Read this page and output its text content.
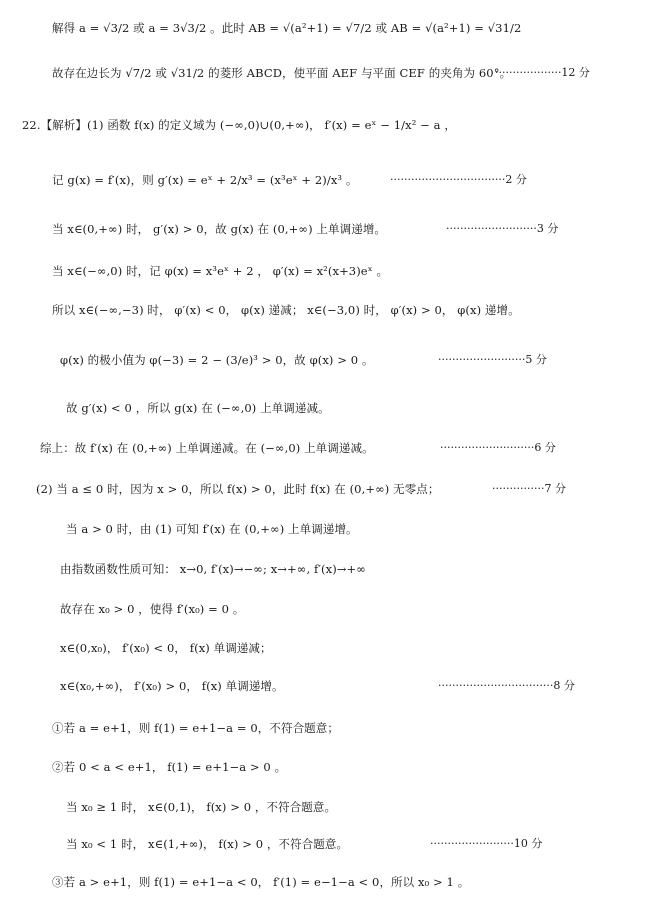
解得 a = √3/2 或 a = 3√3/2 。此时 AB = √(a²+1) = √7/2 或 AB = √(a²+1) = √31/2
故存在边长为 √7/2 或 √31/2 的菱形 ABCD，使平面 AEF 与平面 CEF 的夹角为 60°。
···················12 分
22.【解析】(1) 函数 f(x) 的定义域为 (−∞,0)∪(0,+∞)， f′(x) = eˣ − 1/x² − a ，
记 g(x) = f′(x)，则 g′(x) = eˣ + 2/x³ = (x³eˣ + 2)/x³ 。	·································2 分
当 x∈(0,+∞) 时， g′(x) > 0，故 g(x) 在 (0,+∞) 上单调递增。	··························3 分
当 x∈(−∞,0) 时，记 φ(x) = x³eˣ + 2 ， φ′(x) = x²(x+3)eˣ 。
所以 x∈(−∞,−3) 时， φ′(x) < 0， φ(x) 递减； x∈(−3,0) 时， φ′(x) > 0， φ(x) 递增。
φ(x) 的极小值为 φ(−3) = 2 − (3/e)³ > 0，故 φ(x) > 0 。	·························5 分
故 g′(x) < 0 ，所以 g(x) 在 (−∞,0) 上单调递减。
综上：故 f′(x) 在 (0,+∞) 上单调递减。在 (−∞,0) 上单调递减。	···························6 分
(2) 当 a ≤ 0 时，因为 x > 0，所以 f(x) > 0，此时 f(x) 在 (0,+∞) 无零点；	···············7 分
当 a > 0 时，由 (1) 可知 f′(x) 在 (0,+∞) 上单调递增。
由指数函数性质可知： x→0, f′(x)→−∞; x→+∞, f′(x)→+∞
故存在 x₀ > 0 ，使得 f′(x₀) = 0 。
x∈(0,x₀)， f′(x₀) < 0， f(x) 单调递减；
x∈(x₀,+∞)， f′(x₀) > 0， f(x) 单调递增。	·································8 分
①若 a = e+1，则 f(1) = e+1−a = 0，不符合题意；
②若 0 < a < e+1， f(1) = e+1−a > 0 。
当 x₀ ≥ 1 时， x∈(0,1)， f(x) > 0 ，不符合题意。
当 x₀ < 1 时， x∈(1,+∞)， f(x) > 0 ，不符合题意。	························10 分
③若 a > e+1，则 f(1) = e+1−a < 0， f′(1) = e−1−a < 0，所以 x₀ > 1 。
